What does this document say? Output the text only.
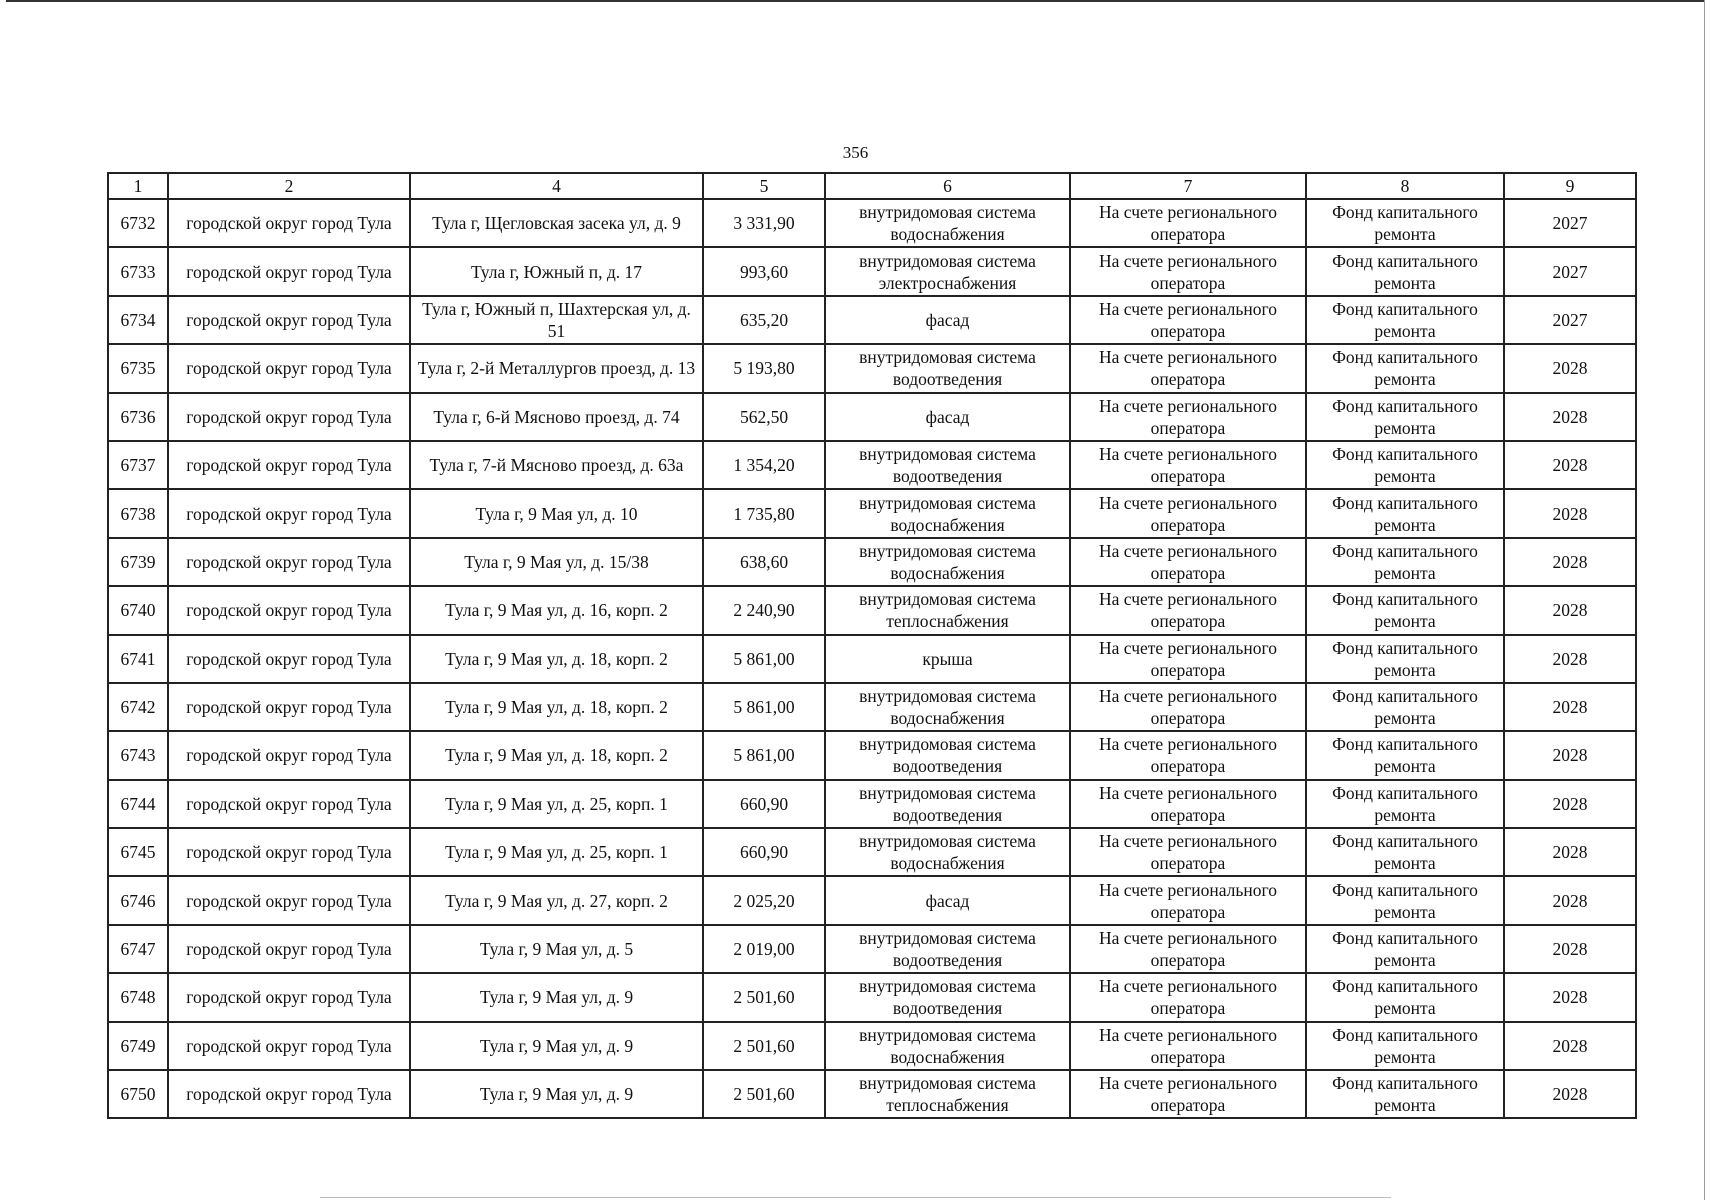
356
1	2	4	5	6	7	8	9
6732	городской округ город Тула	Тула г, Щегловская засека ул, д. 9	3 331,90	внутридомовая система водоснабжения	На счете регионального оператора	Фонд капитального ремонта	2027
6733	городской округ город Тула	Тула г, Южный п, д. 17	993,60	внутридомовая система электроснабжения	На счете регионального оператора	Фонд капитального ремонта	2027
6734	городской округ город Тула	Тула г, Южный п, Шахтерская ул, д. 51	635,20	фасад	На счете регионального оператора	Фонд капитального ремонта	2027
6735	городской округ город Тула	Тула г, 2-й Металлургов проезд, д. 13	5 193,80	внутридомовая система водоотведения	На счете регионального оператора	Фонд капитального ремонта	2028
6736	городской округ город Тула	Тула г, 6-й Мясново проезд, д. 74	562,50	фасад	На счете регионального оператора	Фонд капитального ремонта	2028
6737	городской округ город Тула	Тула г, 7-й Мясново проезд, д. 63а	1 354,20	внутридомовая система водоотведения	На счете регионального оператора	Фонд капитального ремонта	2028
6738	городской округ город Тула	Тула г, 9 Мая ул, д. 10	1 735,80	внутридомовая система водоснабжения	На счете регионального оператора	Фонд капитального ремонта	2028
6739	городской округ город Тула	Тула г, 9 Мая ул, д. 15/38	638,60	внутридомовая система водоснабжения	На счете регионального оператора	Фонд капитального ремонта	2028
6740	городской округ город Тула	Тула г, 9 Мая ул, д. 16, корп. 2	2 240,90	внутридомовая система теплоснабжения	На счете регионального оператора	Фонд капитального ремонта	2028
6741	городской округ город Тула	Тула г, 9 Мая ул, д. 18, корп. 2	5 861,00	крыша	На счете регионального оператора	Фонд капитального ремонта	2028
6742	городской округ город Тула	Тула г, 9 Мая ул, д. 18, корп. 2	5 861,00	внутридомовая система водоснабжения	На счете регионального оператора	Фонд капитального ремонта	2028
6743	городской округ город Тула	Тула г, 9 Мая ул, д. 18, корп. 2	5 861,00	внутридомовая система водоотведения	На счете регионального оператора	Фонд капитального ремонта	2028
6744	городской округ город Тула	Тула г, 9 Мая ул, д. 25, корп. 1	660,90	внутридомовая система водоотведения	На счете регионального оператора	Фонд капитального ремонта	2028
6745	городской округ город Тула	Тула г, 9 Мая ул, д. 25, корп. 1	660,90	внутридомовая система водоснабжения	На счете регионального оператора	Фонд капитального ремонта	2028
6746	городской округ город Тула	Тула г, 9 Мая ул, д. 27, корп. 2	2 025,20	фасад	На счете регионального оператора	Фонд капитального ремонта	2028
6747	городской округ город Тула	Тула г, 9 Мая ул, д. 5	2 019,00	внутридомовая система водоотведения	На счете регионального оператора	Фонд капитального ремонта	2028
6748	городской округ город Тула	Тула г, 9 Мая ул, д. 9	2 501,60	внутридомовая система водоотведения	На счете регионального оператора	Фонд капитального ремонта	2028
6749	городской округ город Тула	Тула г, 9 Мая ул, д. 9	2 501,60	внутридомовая система водоснабжения	На счете регионального оператора	Фонд капитального ремонта	2028
6750	городской округ город Тула	Тула г, 9 Мая ул, д. 9	2 501,60	внутридомовая система теплоснабжения	На счете регионального оператора	Фонд капитального ремонта	2028
